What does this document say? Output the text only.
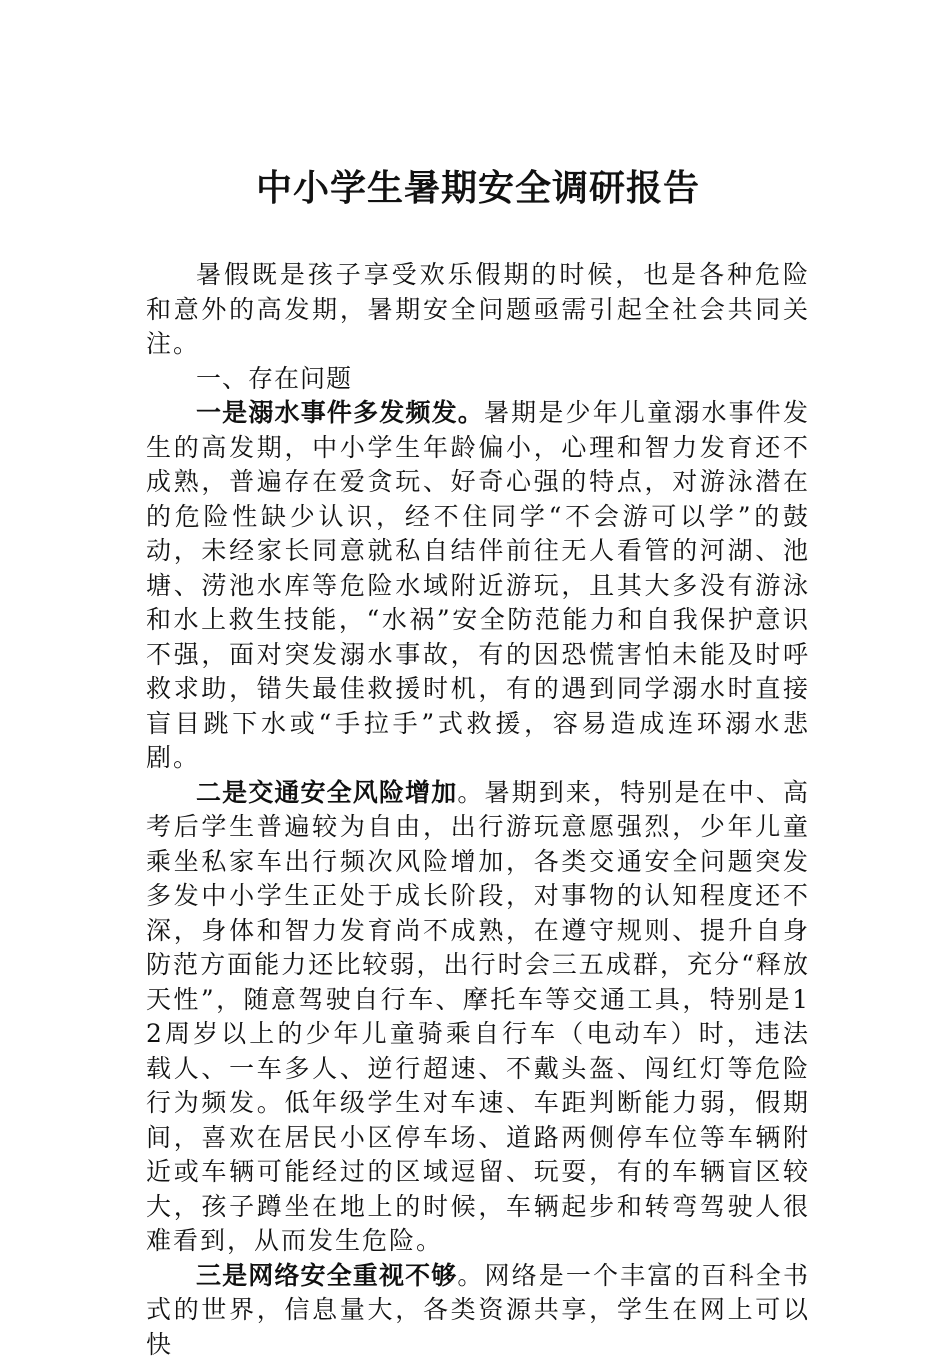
中小学生暑期安全调研报告

暑假既是孩子享受欢乐假期的时候，也是各种危险和意外的高发期，暑期安全问题亟需引起全社会共同关注。

一、存在问题

一是溺水事件多发频发。暑期是少年儿童溺水事件发生的高发期，中小学生年龄偏小，心理和智力发育还不成熟，普遍存在爱贪玩、好奇心强的特点，对游泳潜在的危险性缺少认识，经不住同学“不会游可以学”的鼓动，未经家长同意就私自结伴前往无人看管的河湖、池塘、涝池水库等危险水域附近游玩，且其大多没有游泳和水上救生技能，“水祸”安全防范能力和自我保护意识不强，面对突发溺水事故，有的因恐慌害怕未能及时呼救求助，错失最佳救援时机，有的遇到同学溺水时直接盲目跳下水或“手拉手”式救援，容易造成连环溺水悲剧。

二是交通安全风险增加。暑期到来，特别是在中、高考后学生普遍较为自由，出行游玩意愿强烈，少年儿童乘坐私家车出行频次风险增加，各类交通安全问题突发多发中小学生正处于成长阶段，对事物的认知程度还不深，身体和智力发育尚不成熟，在遵守规则、提升自身防范方面能力还比较弱，出行时会三五成群，充分“释放天性”，随意驾驶自行车、摩托车等交通工具，特别是12周岁以上的少年儿童骑乘自行车（电动车）时，违法载人、一车多人、逆行超速、不戴头盔、闯红灯等危险行为频发。低年级学生对车速、车距判断能力弱，假期间，喜欢在居民小区停车场、道路两侧停车位等车辆附近或车辆可能经过的区域逗留、玩耍，有的车辆盲区较大，孩子蹲坐在地上的时候，车辆起步和转弯驾驶人很难看到，从而发生危险。

三是网络安全重视不够。网络是一个丰富的百科全书式的世界，信息量大，各类资源共享，学生在网上可以快
